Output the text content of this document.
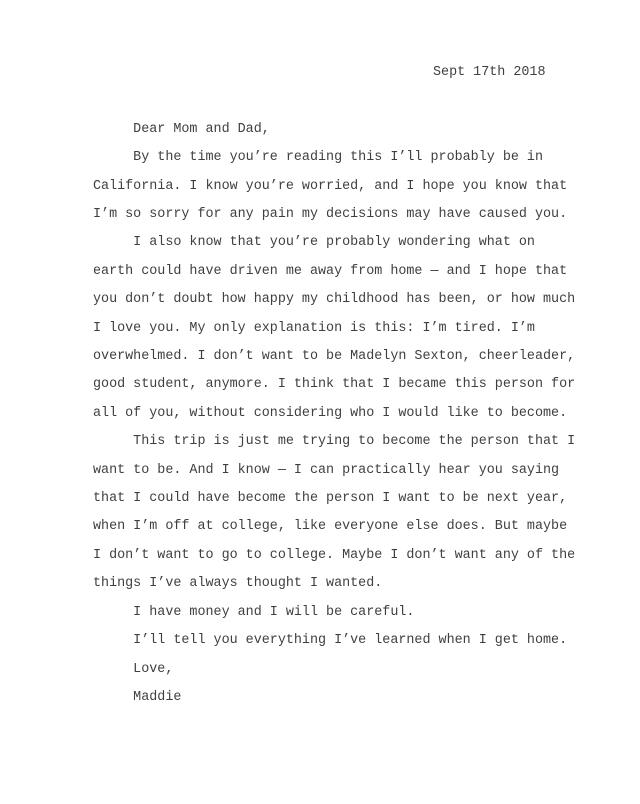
Sept 17th 2018
Dear Mom and Dad,
By the time you’re reading this I’ll probably be in
California. I know you’re worried, and I hope you know that
I’m so sorry for any pain my decisions may have caused you.
I also know that you’re probably wondering what on
earth could have driven me away from home — and I hope that
you don’t doubt how happy my childhood has been, or how much
I love you. My only explanation is this: I’m tired. I’m
overwhelmed. I don’t want to be Madelyn Sexton, cheerleader,
good student, anymore. I think that I became this person for
all of you, without considering who I would like to become.
This trip is just me trying to become the person that I
want to be. And I know — I can practically hear you saying
that I could have become the person I want to be next year,
when I’m off at college, like everyone else does. But maybe
I don’t want to go to college. Maybe I don’t want any of the
things I’ve always thought I wanted.
I have money and I will be careful.
I’ll tell you everything I’ve learned when I get home.
Love,
Maddie
